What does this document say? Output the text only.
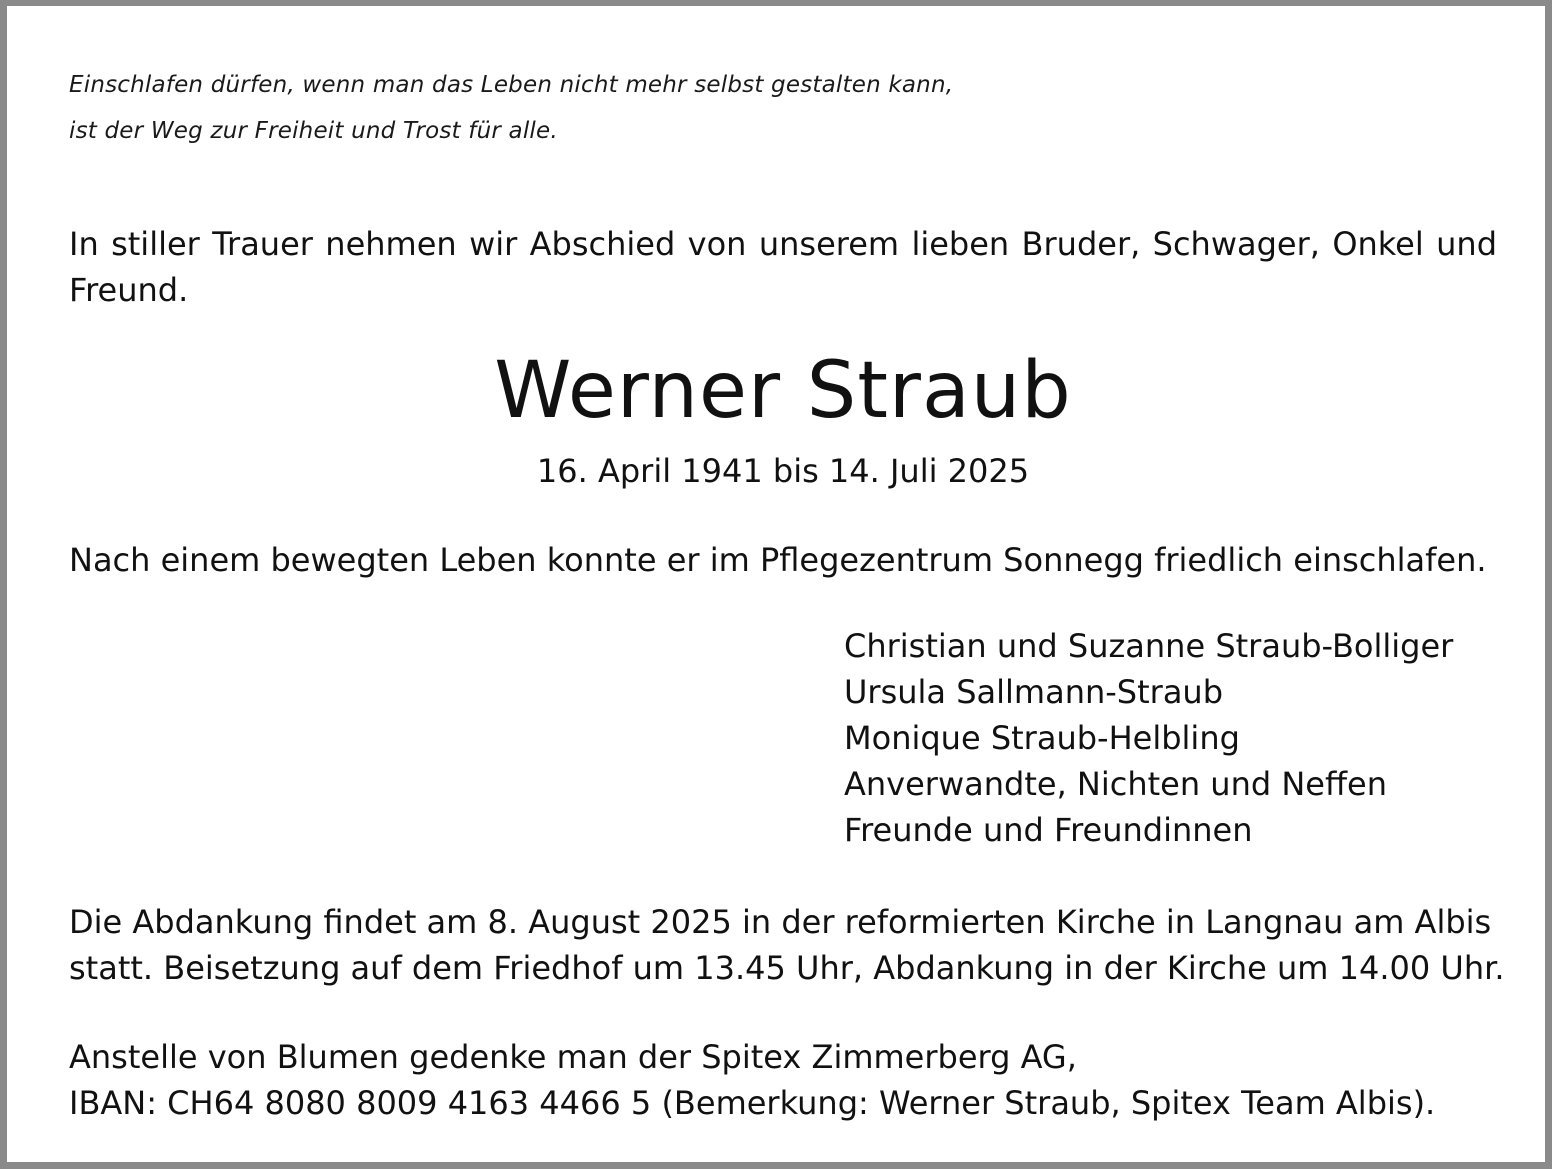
Einschlafen dürfen, wenn man das Leben nicht mehr selbst gestalten kann,
ist der Weg zur Freiheit und Trost für alle.
In stiller Trauer nehmen wir Abschied von unserem lieben Bruder, Schwager, Onkel und Freund.
Werner Straub
16. April 1941 bis 14. Juli 2025
Nach einem bewegten Leben konnte er im Pflegezentrum Sonnegg friedlich einschlafen.
Christian und Suzanne Straub-Bolliger
Ursula Sallmann-Straub
Monique Straub-Helbling
Anverwandte, Nichten und Neffen
Freunde und Freundinnen
Die Abdankung findet am 8. August 2025 in der reformierten Kirche in Langnau am Albis
statt. Beisetzung auf dem Friedhof um 13.45 Uhr, Abdankung in der Kirche um 14.00 Uhr.
Anstelle von Blumen gedenke man der Spitex Zimmerberg AG,
IBAN: CH64 8080 8009 4163 4466 5 (Bemerkung: Werner Straub, Spitex Team Albis).
